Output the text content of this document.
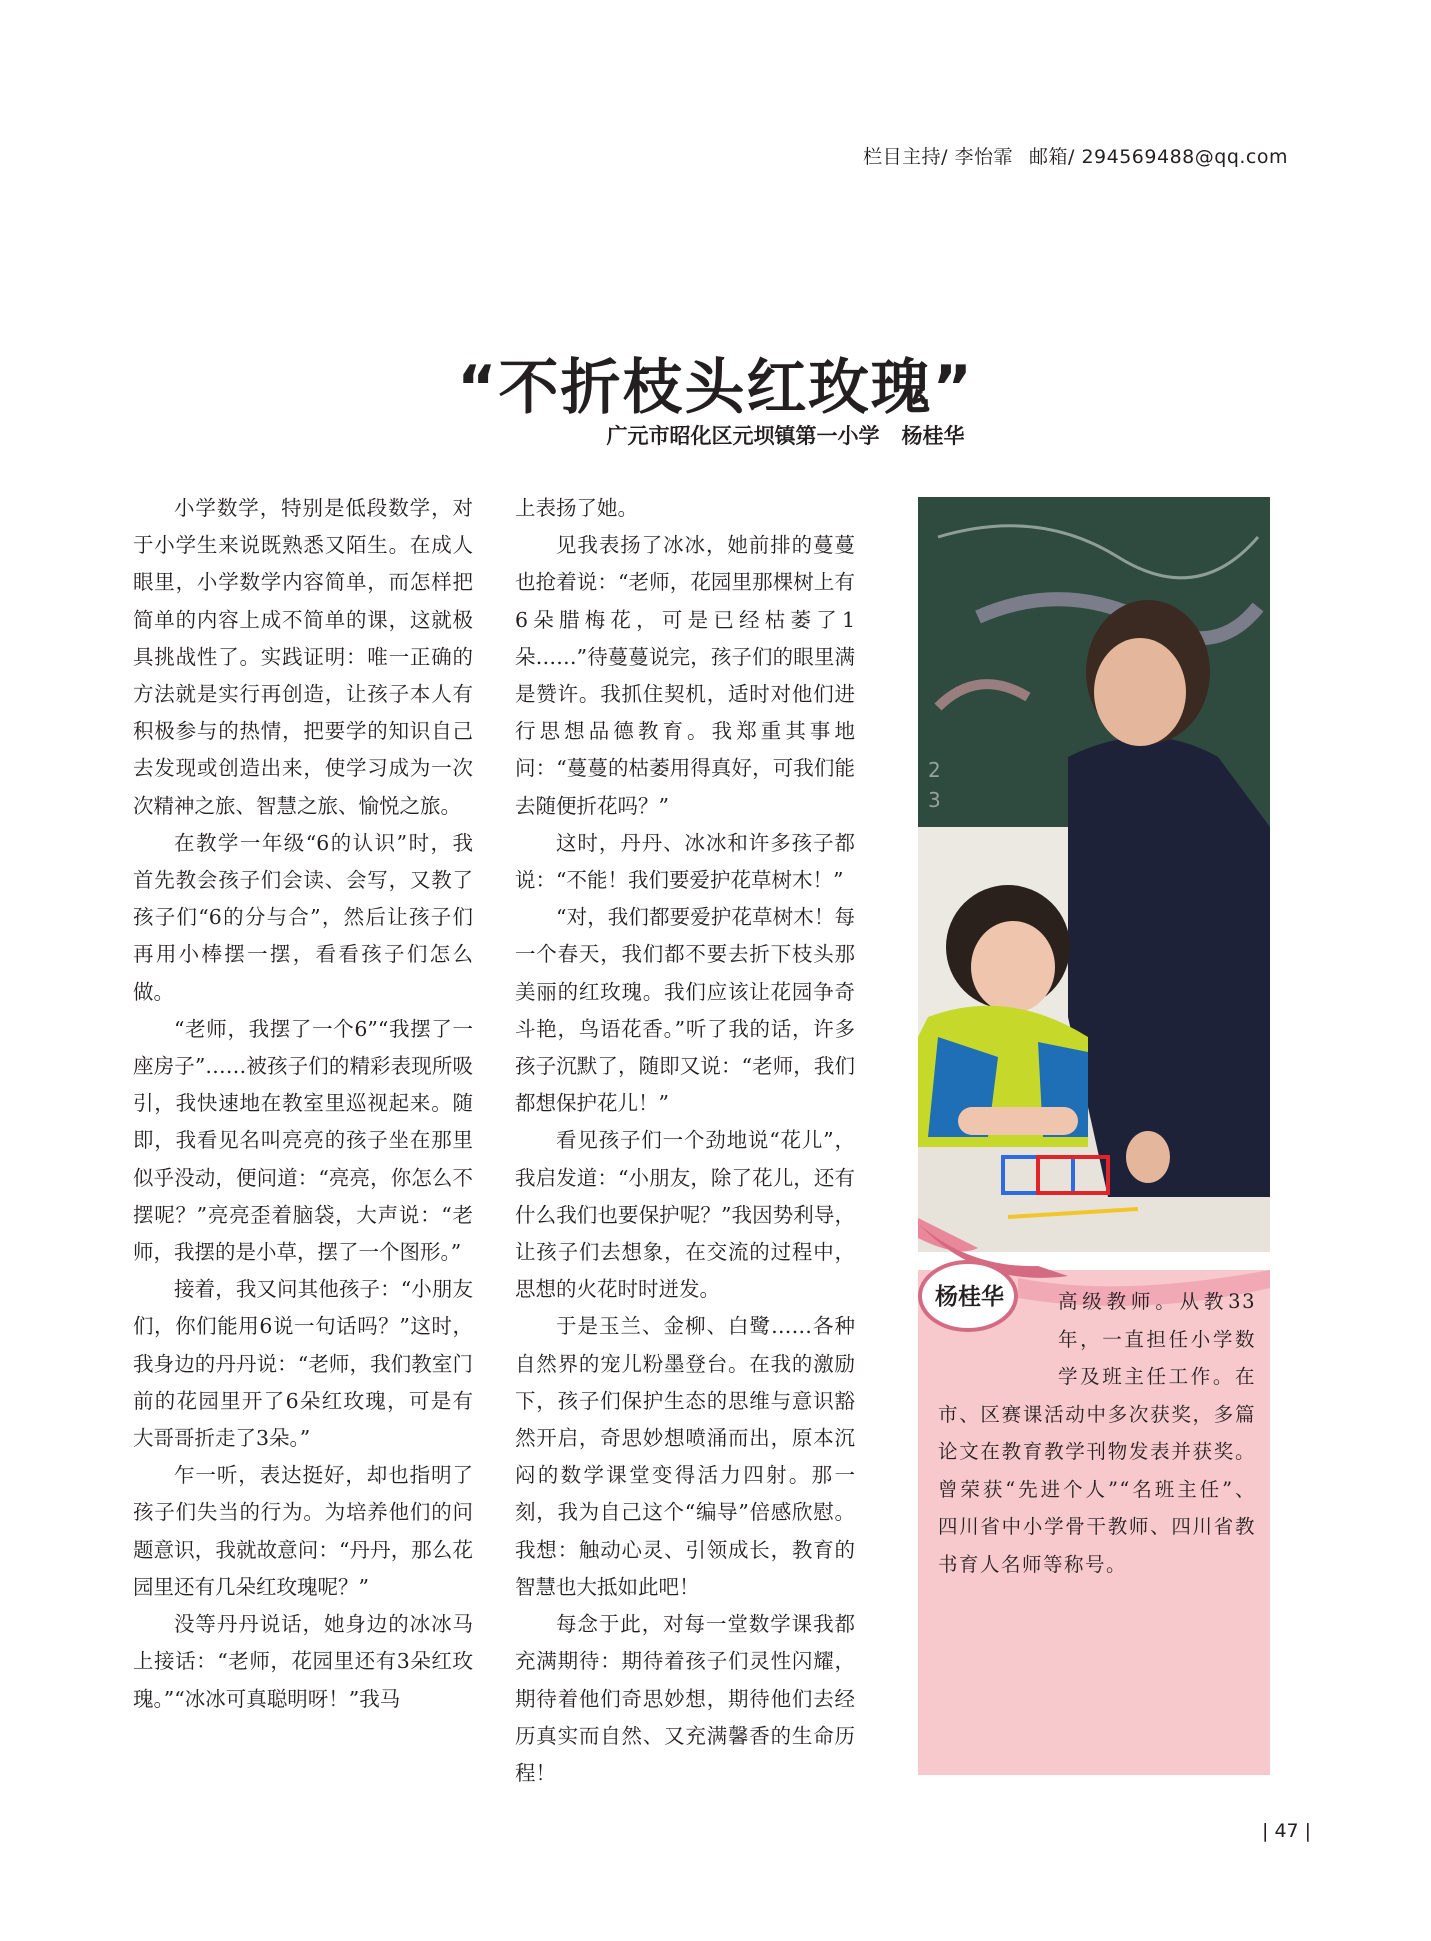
栏目主持/ 李怡霏 邮箱/ 294569488@qq.com
“不折枝头红玫瑰”
广元市昭化区元坝镇第一小学 杨桂华

小学数学，特别是低段数学，对于小学生来说既熟悉又陌生。在成人眼里，小学数学内容简单，而怎样把简单的内容上成不简单的课，这就极具挑战性了。实践证明：唯一正确的方法就是实行再创造，让孩子本人有积极参与的热情，把要学的知识自己去发现或创造出来，使学习成为一次次精神之旅、智慧之旅、愉悦之旅。

在教学一年级“6的认识”时，我首先教会孩子们会读、会写，又教了孩子们“6的分与合”，然后让孩子们再用小棒摆一摆，看看孩子们怎么做。

“老师，我摆了一个6”“我摆了一座房子”……被孩子们的精彩表现所吸引，我快速地在教室里巡视起来。随即，我看见名叫亮亮的孩子坐在那里似乎没动，便问道：“亮亮，你怎么不摆呢？”亮亮歪着脑袋，大声说：“老师，我摆的是小草，摆了一个图形。”

接着，我又问其他孩子：“小朋友们，你们能用6说一句话吗？”这时，我身边的丹丹说：“老师，我们教室门前的花园里开了6朵红玫瑰，可是有大哥哥折走了3朵。”

乍一听，表达挺好，却也指明了孩子们失当的行为。为培养他们的问题意识，我就故意问：“丹丹，那么花园里还有几朵红玫瑰呢？”

没等丹丹说话，她身边的冰冰马上接话：“老师，花园里还有3朵红玫瑰。”“冰冰可真聪明呀！”我马

上表扬了她。

见我表扬了冰冰，她前排的蔓蔓也抢着说：“老师，花园里那棵树上有6朵腊梅花，可是已经枯萎了1朵……”待蔓蔓说完，孩子们的眼里满是赞许。我抓住契机，适时对他们进行思想品德教育。我郑重其事地问：“蔓蔓的枯萎用得真好，可我们能去随便折花吗？”

这时，丹丹、冰冰和许多孩子都说：“不能！我们要爱护花草树木！”

“对，我们都要爱护花草树木！每一个春天，我们都不要去折下枝头那美丽的红玫瑰。我们应该让花园争奇斗艳，鸟语花香。”听了我的话，许多孩子沉默了，随即又说：“老师，我们都想保护花儿！”

看见孩子们一个劲地说“花儿”，我启发道：“小朋友，除了花儿，还有什么我们也要保护呢？”我因势利导，让孩子们去想象，在交流的过程中，思想的火花时时迸发。

于是玉兰、金柳、白鹭……各种自然界的宠儿粉墨登台。在我的激励下，孩子们保护生态的思维与意识豁然开启，奇思妙想喷涌而出，原本沉闷的数学课堂变得活力四射。那一刻，我为自己这个“编导”倍感欣慰。我想：触动心灵、引领成长，教育的智慧也大抵如此吧！

每念于此，对每一堂数学课我都充满期待：期待着孩子们灵性闪耀，期待着他们奇思妙想，期待他们去经历真实而自然、又充满馨香的生命历程！

2
3
杨桂华	高级教师。从教33年，一直担任小学数学及班主任工作。在市、区赛课活动中多次获奖，多篇论文在教育教学刊物发表并获奖。曾荣获“先进个人”“名班主任”、四川省中小学骨干教师、四川省教书育人名师等称号。
| 47 |
